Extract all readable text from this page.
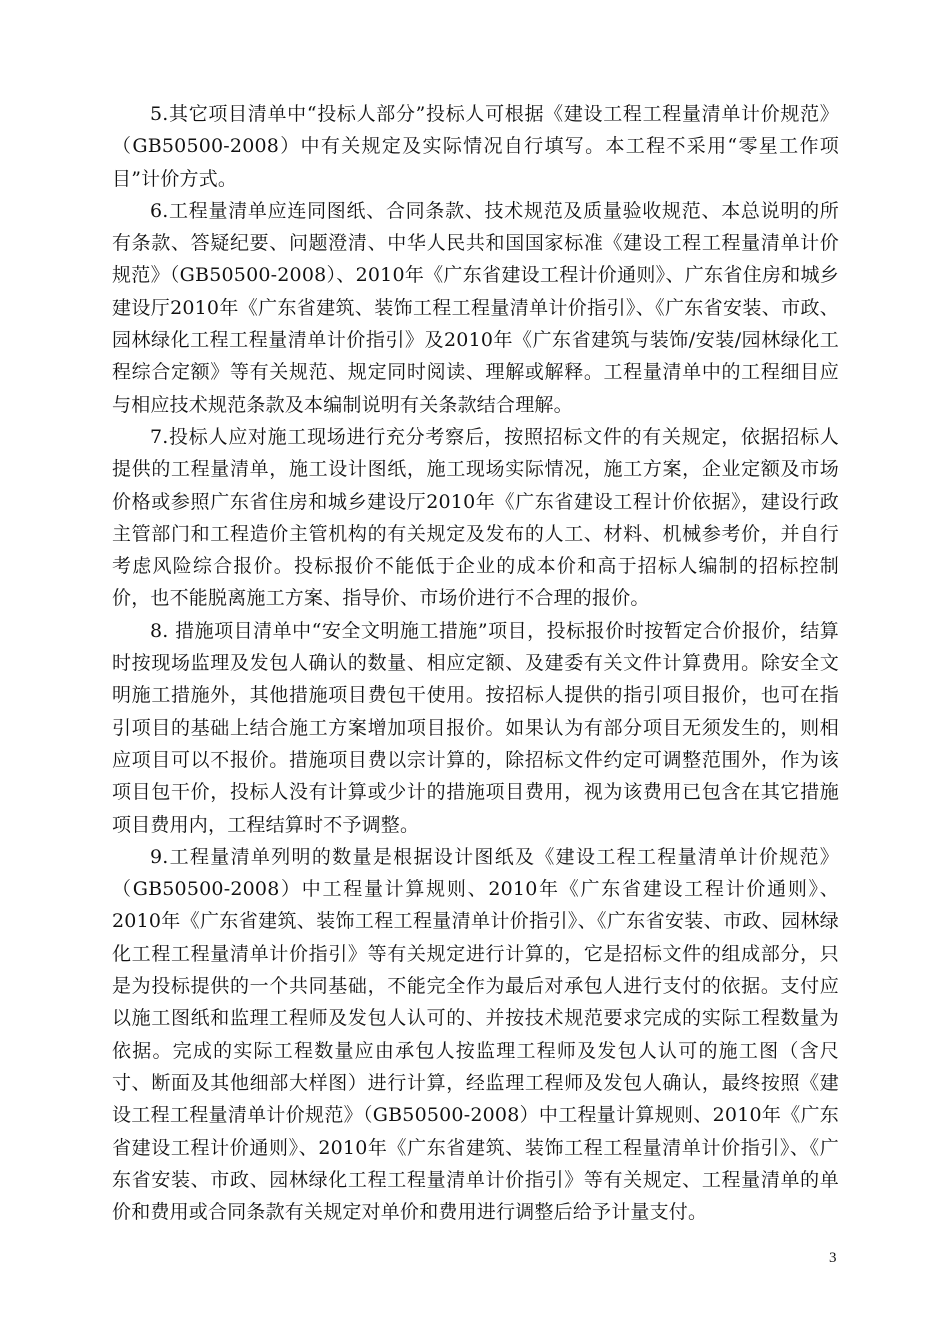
5.其它项目清单中“投标人部分”投标人可根据《建设工程工程量清单计价规范》（GB50500-2008）中有关规定及实际情况自行填写。本工程不采用“零星工作项目”计价方式。

6.工程量清单应连同图纸、合同条款、技术规范及质量验收规范、本总说明的所有条款、答疑纪要、问题澄清、中华人民共和国国家标准《建设工程工程量清单计价规范》（GB50500-2008）、2010年《广东省建设工程计价通则》、广东省住房和城乡建设厅2010年《广东省建筑、装饰工程工程量清单计价指引》、《广东省安装、市政、园林绿化工程工程量清单计价指引》及2010年《广东省建筑与装饰/安装/园林绿化工程综合定额》等有关规范、规定同时阅读、理解或解释。工程量清单中的工程细目应与相应技术规范条款及本编制说明有关条款结合理解。

7.投标人应对施工现场进行充分考察后，按照招标文件的有关规定，依据招标人提供的工程量清单，施工设计图纸，施工现场实际情况，施工方案，企业定额及市场价格或参照广东省住房和城乡建设厅2010年《广东省建设工程计价依据》，建设行政主管部门和工程造价主管机构的有关规定及发布的人工、材料、机械参考价，并自行考虑风险综合报价。投标报价不能低于企业的成本价和高于招标人编制的招标控制价，也不能脱离施工方案、指导价、市场价进行不合理的报价。

8. 措施项目清单中“安全文明施工措施”项目，投标报价时按暂定合价报价，结算时按现场监理及发包人确认的数量、相应定额、及建委有关文件计算费用。除安全文明施工措施外，其他措施项目费包干使用。按招标人提供的指引项目报价，也可在指引项目的基础上结合施工方案增加项目报价。如果认为有部分项目无须发生的，则相应项目可以不报价。措施项目费以宗计算的，除招标文件约定可调整范围外，作为该项目包干价，投标人没有计算或少计的措施项目费用，视为该费用已包含在其它措施项目费用内，工程结算时不予调整。

9.工程量清单列明的数量是根据设计图纸及《建设工程工程量清单计价规范》（GB50500-2008）中工程量计算规则、2010年《广东省建设工程计价通则》、2010年《广东省建筑、装饰工程工程量清单计价指引》、《广东省安装、市政、园林绿化工程工程量清单计价指引》等有关规定进行计算的，它是招标文件的组成部分，只是为投标提供的一个共同基础，不能完全作为最后对承包人进行支付的依据。支付应以施工图纸和监理工程师及发包人认可的、并按技术规范要求完成的实际工程数量为依据。完成的实际工程数量应由承包人按监理工程师及发包人认可的施工图（含尺寸、断面及其他细部大样图）进行计算，经监理工程师及发包人确认，最终按照《建设工程工程量清单计价规范》（GB50500-2008）中工程量计算规则、2010年《广东省建设工程计价通则》、2010年《广东省建筑、装饰工程工程量清单计价指引》、《广东省安装、市政、园林绿化工程工程量清单计价指引》等有关规定、工程量清单的单价和费用或合同条款有关规定对单价和费用进行调整后给予计量支付。

3
